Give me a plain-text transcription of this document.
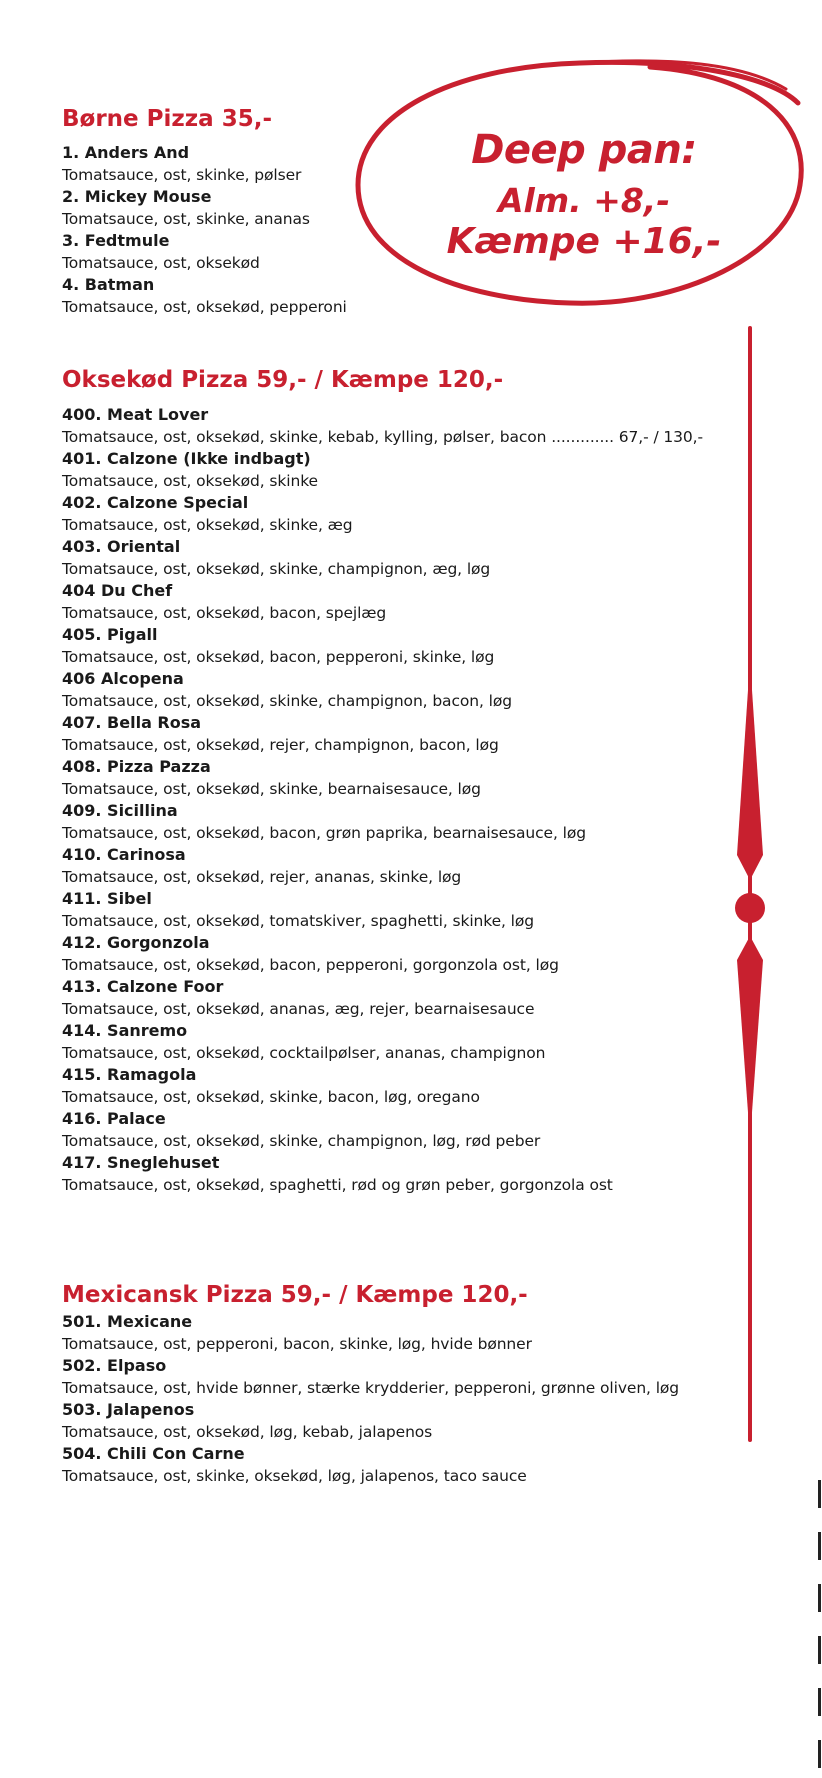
Deep pan:
Alm. +8,-
Kæmpe +16,-
Børne Pizza 35,-
1. Anders And
Tomatsauce, ost, skinke, pølser
2. Mickey Mouse
Tomatsauce, ost, skinke, ananas
3. Fedtmule
Tomatsauce, ost, oksekød
4. Batman
Tomatsauce, ost, oksekød, pepperoni
Oksekød Pizza 59,- / Kæmpe 120,-
400. Meat Lover
Tomatsauce, ost, oksekød, skinke, kebab, kylling, pølser, bacon ............. 67,- / 130,-
401. Calzone (Ikke indbagt)
Tomatsauce, ost, oksekød, skinke
402. Calzone Special
Tomatsauce, ost, oksekød, skinke, æg
403. Oriental
Tomatsauce, ost, oksekød, skinke, champignon, æg, løg
404 Du Chef
Tomatsauce, ost, oksekød, bacon, spejlæg
405. Pigall
Tomatsauce, ost, oksekød, bacon, pepperoni, skinke, løg
406 Alcopena
Tomatsauce, ost, oksekød, skinke, champignon, bacon, løg
407. Bella Rosa
Tomatsauce, ost, oksekød, rejer, champignon, bacon, løg
408. Pizza Pazza
Tomatsauce, ost, oksekød, skinke, bearnaisesauce, løg
409. Sicillina
Tomatsauce, ost, oksekød, bacon, grøn paprika, bearnaisesauce, løg
410. Carinosa
Tomatsauce, ost, oksekød, rejer, ananas, skinke, løg
411. Sibel
Tomatsauce, ost, oksekød, tomatskiver, spaghetti, skinke, løg
412. Gorgonzola
Tomatsauce, ost, oksekød, bacon, pepperoni, gorgonzola ost, løg
413. Calzone Foor
Tomatsauce, ost, oksekød, ananas, æg, rejer, bearnaisesauce
414. Sanremo
Tomatsauce, ost, oksekød, cocktailpølser, ananas, champignon
415. Ramagola
Tomatsauce, ost, oksekød, skinke, bacon, løg, oregano
416. Palace
Tomatsauce, ost, oksekød, skinke, champignon, løg, rød peber
417. Sneglehuset
Tomatsauce, ost, oksekød, spaghetti, rød og grøn peber, gorgonzola ost
Mexicansk Pizza 59,- / Kæmpe 120,-
501. Mexicane
Tomatsauce, ost, pepperoni, bacon, skinke, løg, hvide bønner
502. Elpaso
Tomatsauce, ost, hvide bønner, stærke krydderier, pepperoni, grønne oliven, løg
503. Jalapenos
Tomatsauce, ost, oksekød, løg, kebab, jalapenos
504. Chili Con Carne
Tomatsauce, ost, skinke, oksekød, løg, jalapenos, taco sauce
